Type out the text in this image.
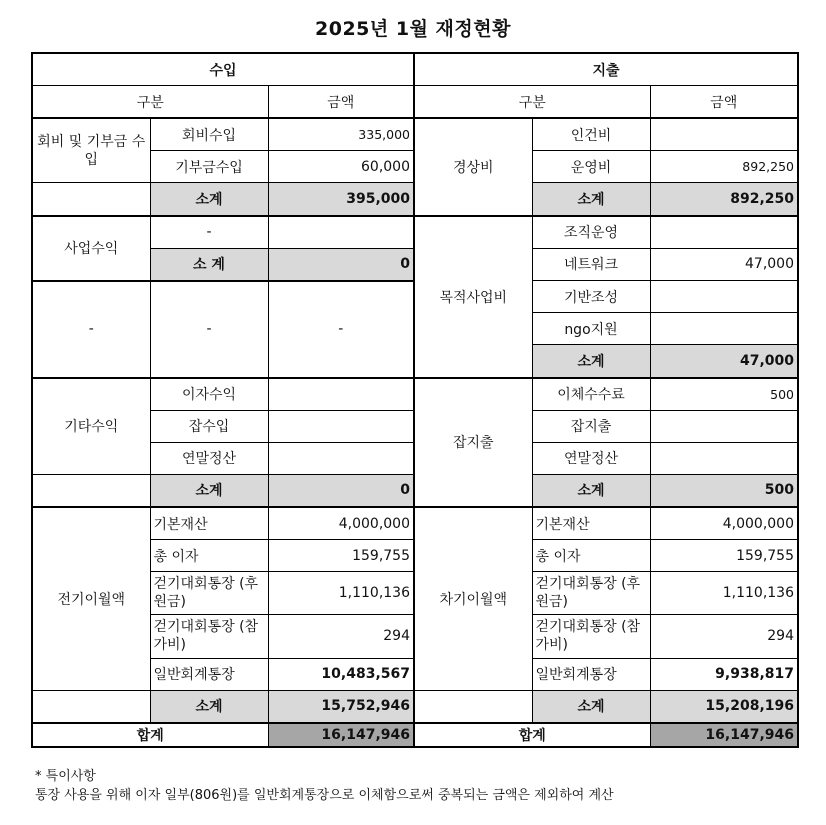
2025년 1월 재정현황
수입			지출		
구분		금액	구분		금액
회비 및 기부금 수입	회비수입	335,000	경상비	인건비	
	기부금수입	60,000		운영비	892,250
	소계	395,000		소계	892,250
사업수익	-		목적사업비	조직운영	
	소 계	0		네트워크	47,000
-	-	-		기반조성	
				ngo지원	
				소계	47,000
기타수익	이자수익		잡지출	이체수수료	500
	잡수입			잡지출	
	연말정산			연말정산	
	소계	0		소계	500
전기이월액	기본재산	4,000,000	차기이월액	기본재산	4,000,000
	총 이자	159,755		총 이자	159,755
	걷기대회통장 (후원금)	1,110,136		걷기대회통장 (후원금)	1,110,136
	걷기대회통장 (참가비)	294		걷기대회통장 (참가비)	294
	일반회계통장	10,483,567		일반회계통장	9,938,817
	소계	15,752,946		소계	15,208,196
합계		16,147,946	합계		16,147,946
* 특이사항
통장 사용을 위해 이자 일부(806원)를 일반회계통장으로 이체함으로써 중복되는 금액은 제외하여 계산
